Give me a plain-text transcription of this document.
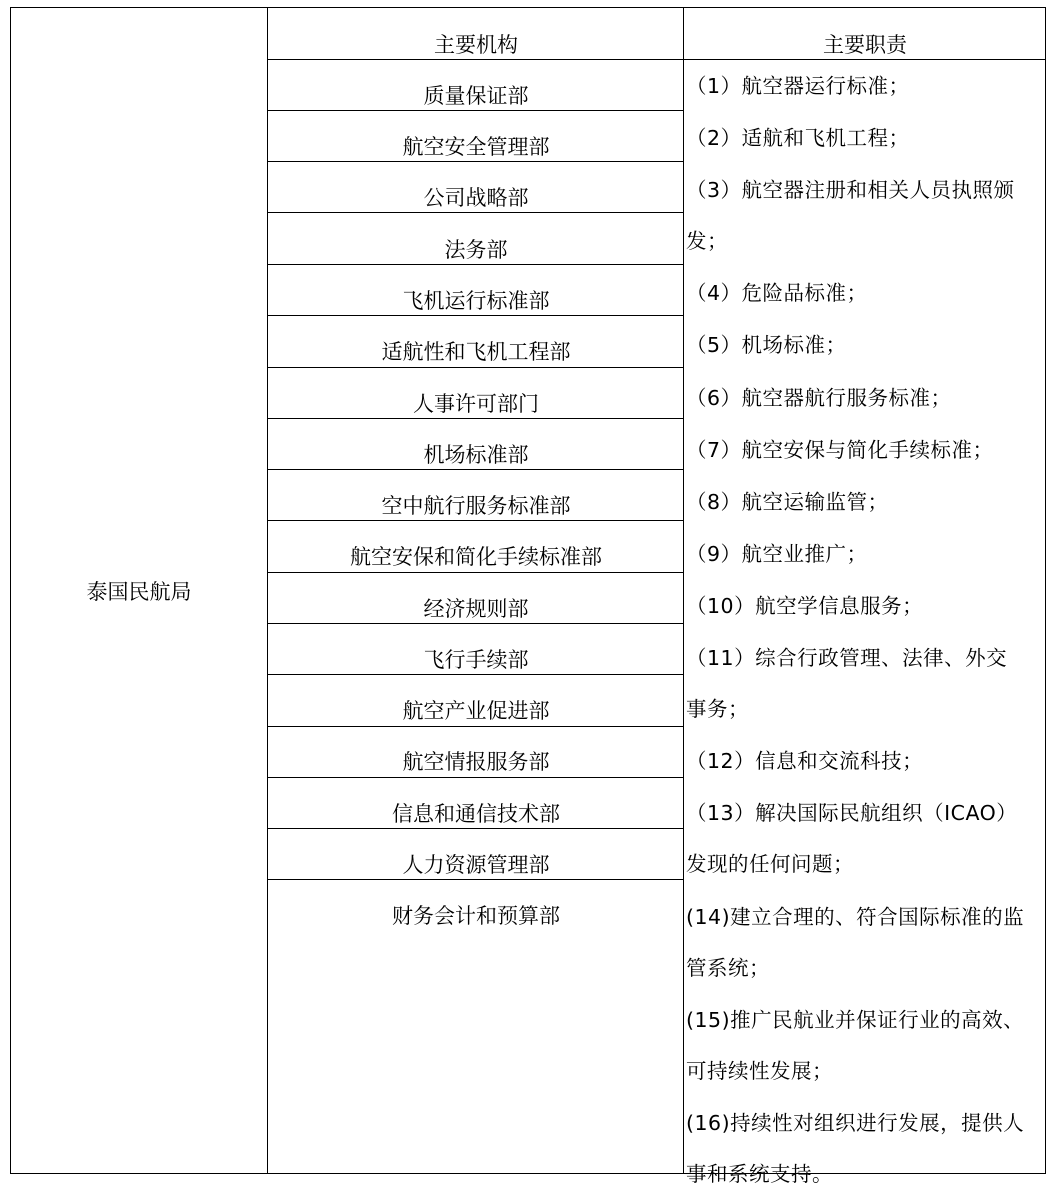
泰国民航局
主要机构	主要职责
质量保证部
航空安全管理部
公司战略部
法务部
飞机运行标准部
适航性和飞机工程部
人事许可部门
机场标准部
空中航行服务标准部
航空安保和简化手续标准部
经济规则部
飞行手续部
航空产业促进部
航空情报服务部
信息和通信技术部
人力资源管理部
财务会计和预算部
（1）航空器运行标准；
（2）适航和飞机工程；
（3）航空器注册和相关人员执照颁发；
（4）危险品标准；
（5）机场标准；
（6）航空器航行服务标准；
（7）航空安保与简化手续标准；
（8）航空运输监管；
（9）航空业推广；
（10）航空学信息服务；
（11）综合行政管理、法律、外交事务；
（12）信息和交流科技；
（13）解决国际民航组织（ICAO）发现的任何问题；
(14)建立合理的、符合国际标准的监管系统；
(15)推广民航业并保证行业的高效、可持续性发展；
(16)持续性对组织进行发展，提供人事和系统支持。
